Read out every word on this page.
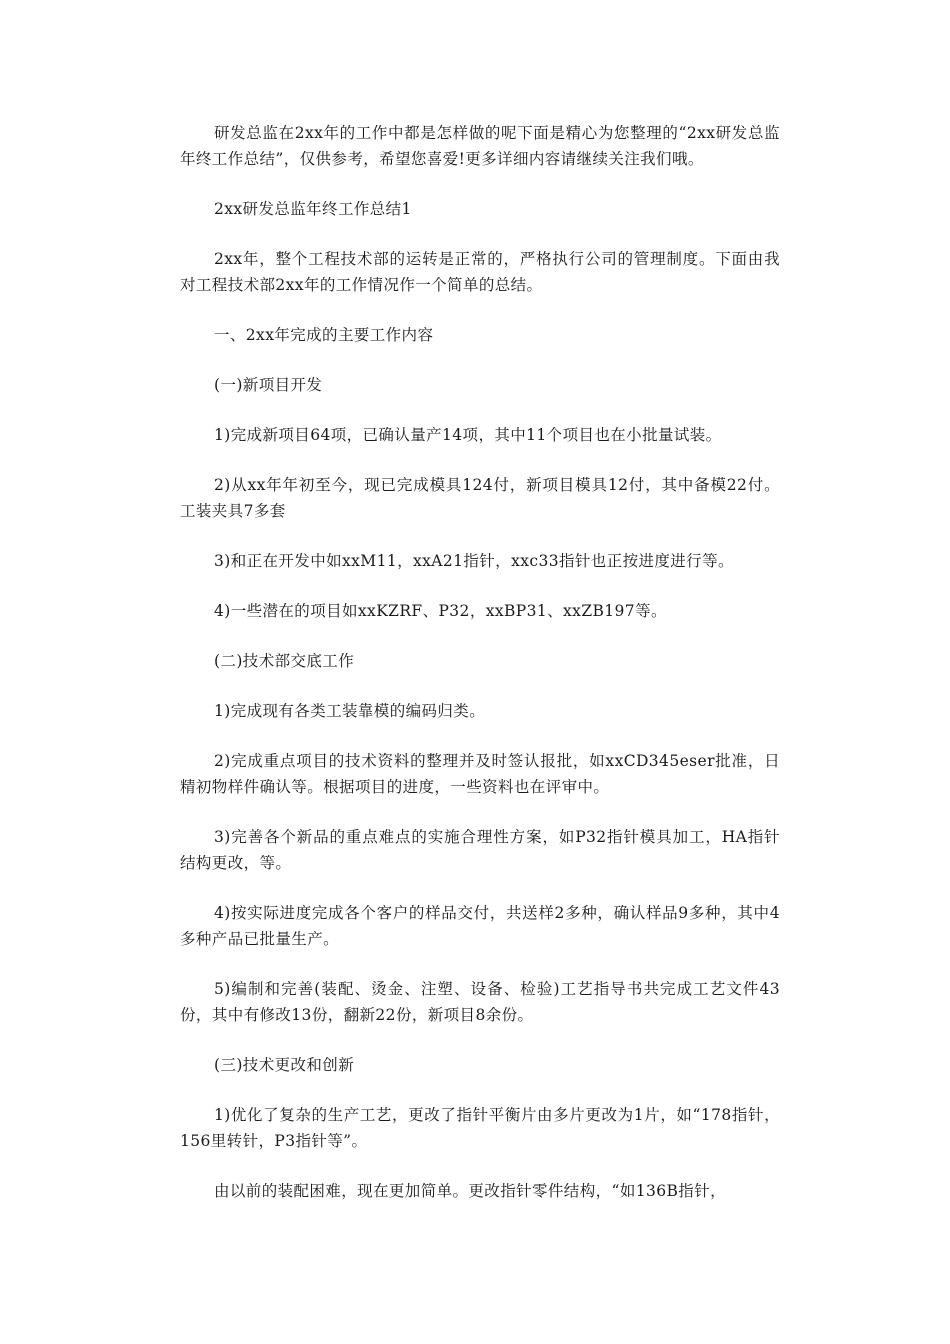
研发总监在2xx年的工作中都是怎样做的呢下面是精心为您整理的“2xx研发总监年终工作总结”，仅供参考，希望您喜爱!更多详细内容请继续关注我们哦。

2xx研发总监年终工作总结1

2xx年，整个工程技术部的运转是正常的，严格执行公司的管理制度。下面由我对工程技术部2xx年的工作情况作一个简单的总结。

一、2xx年完成的主要工作内容

(一)新项目开发

1)完成新项目64项，已确认量产14项，其中11个项目也在小批量试装。

2)从xx年年初至今，现已完成模具124付，新项目模具12付，其中备模22付。工装夹具7多套

3)和正在开发中如xxM11，xxA21指针，xxc33指针也正按进度进行等。

4)一些潜在的项目如xxKZRF、P32，xxBP31、xxZB197等。

(二)技术部交底工作

1)完成现有各类工装靠模的编码归类。

2)完成重点项目的技术资料的整理并及时签认报批，如xxCD345eser批准，日精初物样件确认等。根据项目的进度，一些资料也在评审中。

3)完善各个新品的重点难点的实施合理性方案，如P32指针模具加工，HA指针结构更改，等。

4)按实际进度完成各个客户的样品交付，共送样2多种，确认样品9多种，其中4多种产品已批量生产。

5)编制和完善(装配、烫金、注塑、设备、检验)工艺指导书共完成工艺文件43份，其中有修改13份，翻新22份，新项目8余份。

(三)技术更改和创新

1)优化了复杂的生产工艺，更改了指针平衡片由多片更改为1片，如“178指针，156里转针，P3指针等”。

由以前的装配困难，现在更加简单。更改指针零件结构，“如136B指针，
